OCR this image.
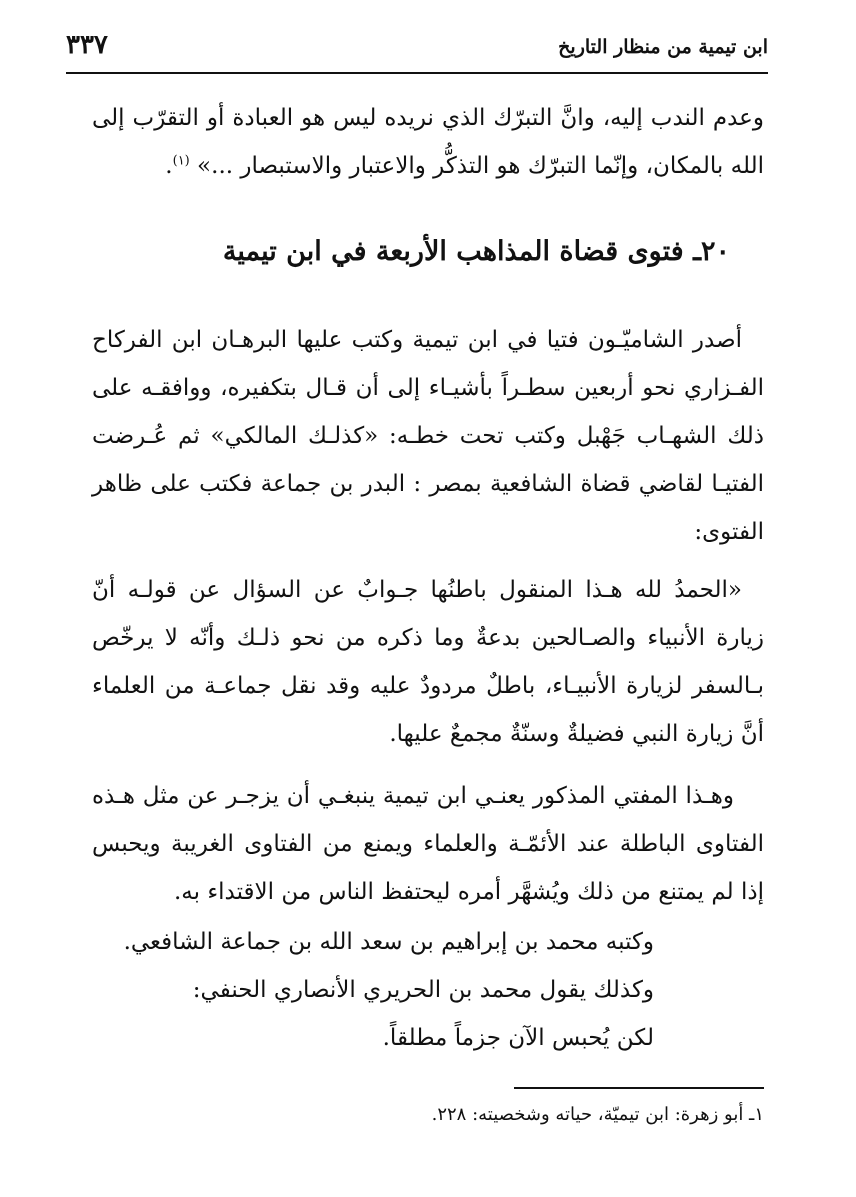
ابن تيمية من منظار التاريخ
٣٣٧

وعدم الندب إليه، وانَّ التبرّك الذي نريده ليس هو العبادة أو التقرّب إلى الله بالمكان، وإنّما التبرّك هو التذكُّر والاعتبار والاستبصار ...» $^{(١)}$.

٢٠ـ فتوى قضاة المذاهب الأربعة في ابن تيمية

أصدر الشاميّـون فتيا في ابن تيمية وكتب عليها البرهـان ابن الفركاح الفـزاري نحو أربعين سطـراً بأشيـاء إلى أن قـال بتكفيره، ووافقـه على ذلك الشهـاب جَهْبل وكتب تحت خطـه: «كذلـك المالكي» ثم عُـرضت الفتيـا لقاضي قضاة الشافعية بمصر : البدر بن جماعة فكتب على ظاهر الفتوى:

«الحمدُ لله هـذا المنقول باطنُها جـوابٌ عن السؤال عن قولـه أنّ زيارة الأنبياء والصـالحين بدعةٌ وما ذكره من نحو ذلـك وأنّه لا يرخّص بـالسفر لزيارة الأنبيـاء، باطلٌ مردودٌ عليه وقد نقل جماعـة من العلماء أنَّ زيارة النبي فضيلةٌ وسنّةٌ مجمعٌ عليها.

وهـذا المفتي المذكور يعنـي ابن تيمية ينبغـي أن يزجـر عن مثل هـذه الفتاوى الباطلة عند الأئمّـة والعلماء ويمنع من الفتاوى الغريبة ويحبس إذا لم يمتنع من ذلك ويُشهَّر أمره ليحتفظ الناس من الاقتداء به.

وكتبه محمد بن إبراهيم بن سعد الله بن جماعة الشافعي.

وكذلك يقول محمد بن الحريري الأنصاري الحنفي:

لكن يُحبس الآن جزماً مطلقاً.

١ـ أبو زهرة: ابن تيميّة، حياته وشخصيته: ٢٢٨.
